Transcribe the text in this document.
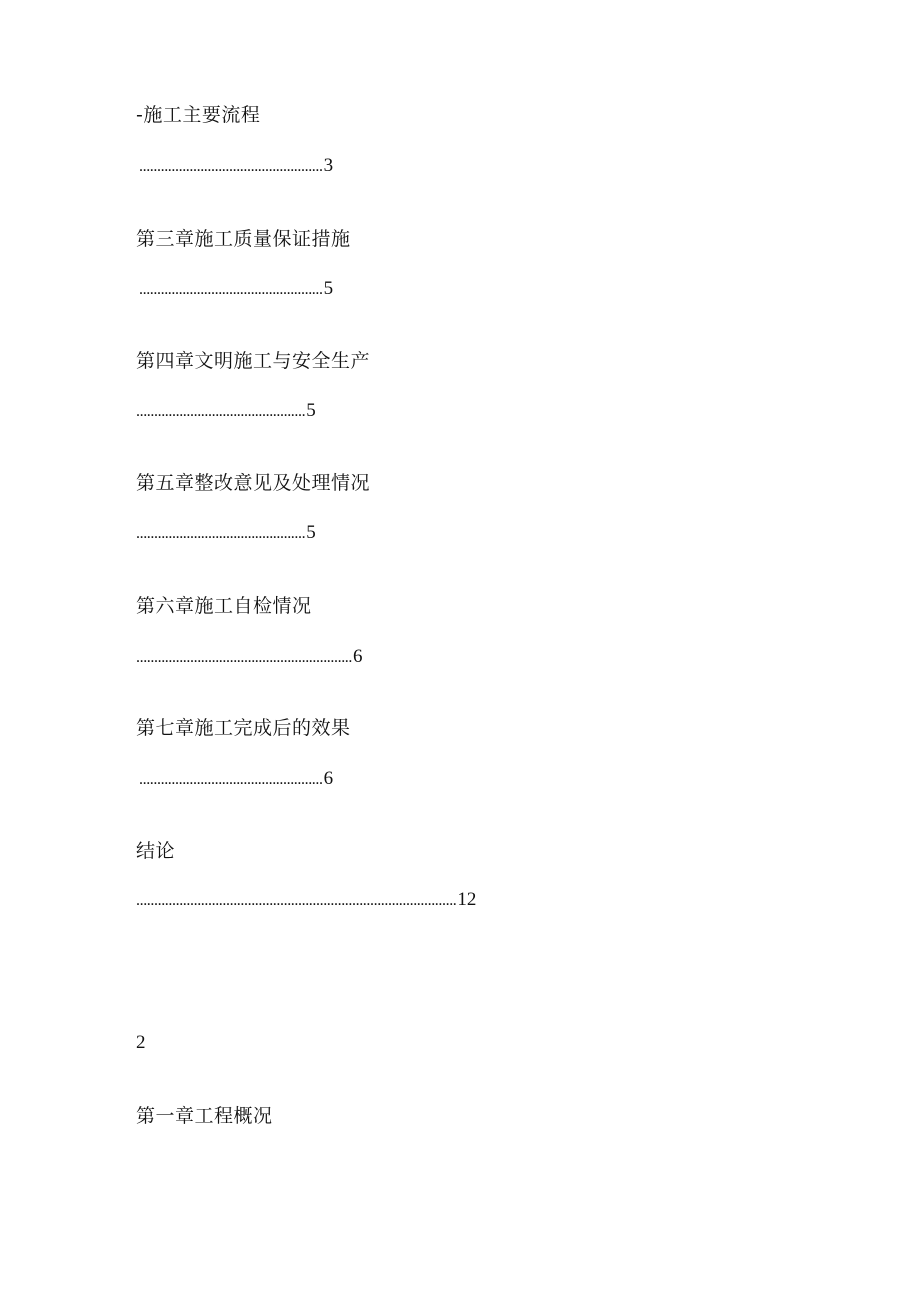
-施工主要流程
...................................................3
第三章施工质量保证措施
...................................................5
第四章文明施工与安全生产
...............................................5
第五章整改意见及处理情况
...............................................5
第六章施工自检情况
............................................................6
第七章施工完成后的效果
...................................................6
结论
.........................................................................................12
2
第一章工程概况
